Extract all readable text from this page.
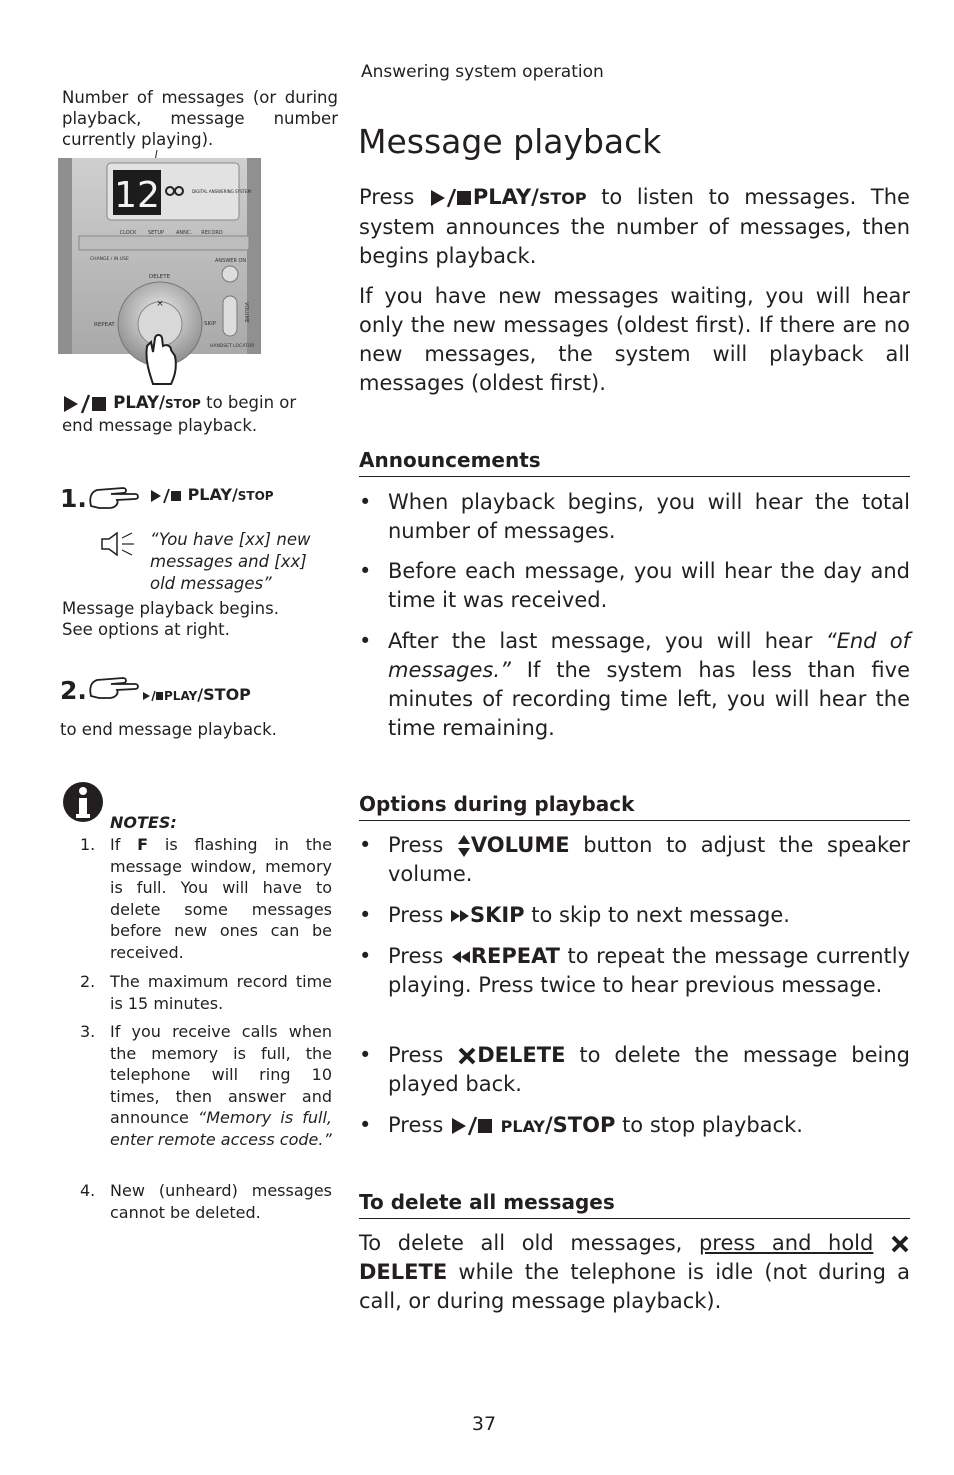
Answering system operation
Message playback
Press	PLAY/STOP to listen to messages. The system announces the number of messages, then begins playback.
If you have new messages waiting, you will hear only the new messages (oldest first). If there are no new messages, the system will playback all messages (oldest first).
Announcements
• When playback begins, you will hear the total number of messages.
• Before each message, you will hear the day and time it was received.
• After the last message, you will hear “End of messages.” If the system has less than five minutes of recording time left, you will hear the time remaining.
Options during playback
• Press VOLUME button to adjust the speaker volume.
• Press SKIP to skip to next message.
• Press REPEAT to repeat the message currently playing. Press twice to hear previous message.
• Press DELETE to delete the message being played back.
• Press	PLAY/STOP to stop playback.
To delete all messages
To delete all old messages, press and hold DELETE while the telephone is idle (not during a call, or during message playback).
Number of messages (or during playback, message number currently playing).
12	DIGITAL ANSWERING SYSTEM
CLOCK SETUP ANNC. RECORD
CHANGE / IN USE	ANSWER ON
DELETE
×
REPEAT	SKIP
VOLUME
HANDSET LOCATOR
PLAY/STOP to begin or end message playback.
1.	PLAY/STOP
“You have [xx] new messages and [xx] old messages”
Message playback begins. See options at right.
2.	PLAY/STOP
to end message playback.
NOTES:
1. If F is flashing in the message window, memory is full. You will have to delete some messages before new ones can be received.
2. The maximum record time is 15 minutes.
3. If you receive calls when the memory is full, the telephone will ring 10 times, then answer and announce “Memory is full, enter remote access code.”
4. New (unheard) messages cannot be deleted.
37
